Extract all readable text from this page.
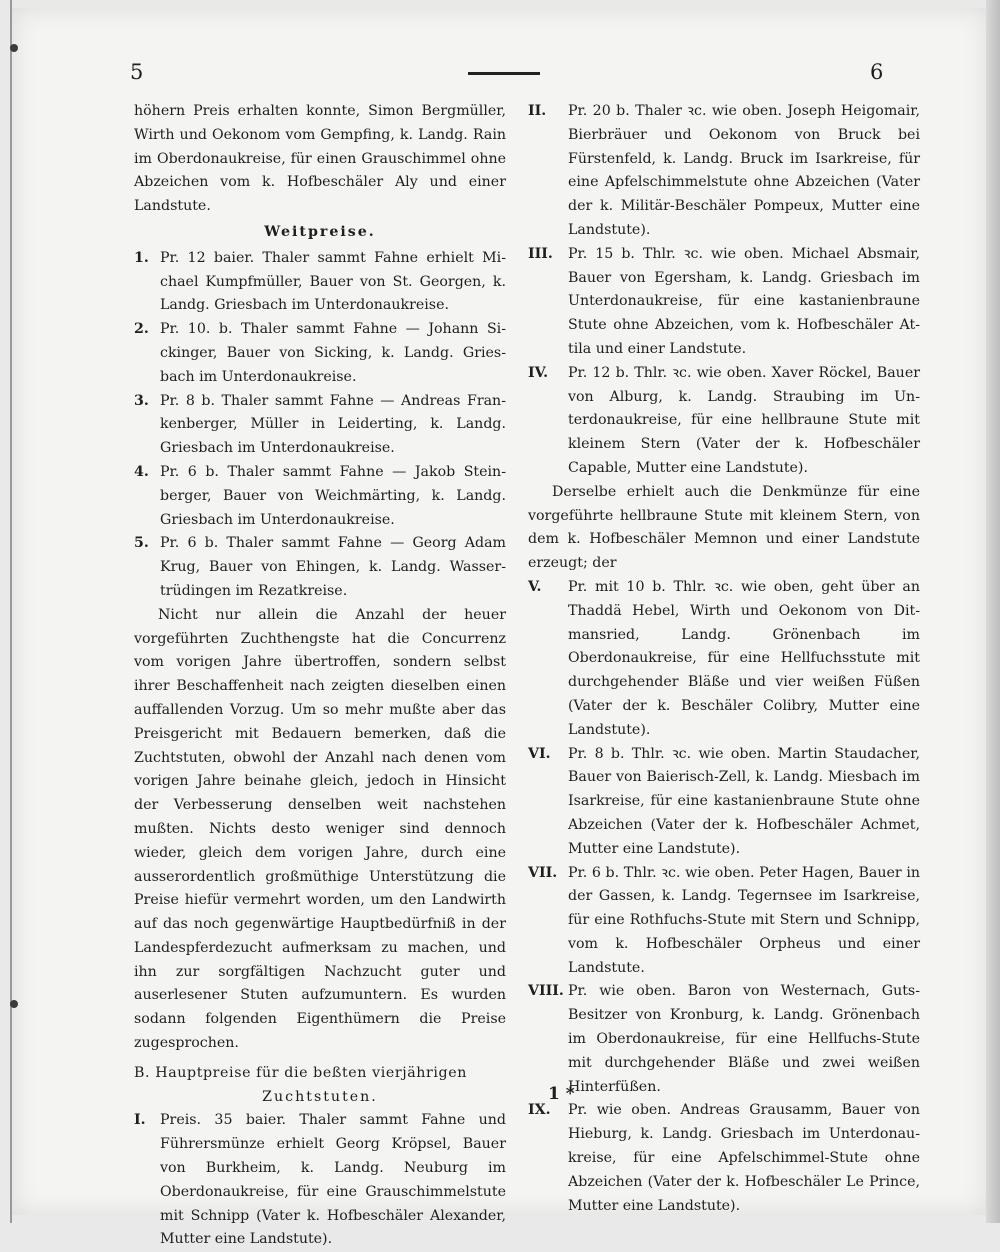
5	6

höhern Preis erhalten konnte, Simon Bergmüller, Wirth und Oekonom vom Gempfing, k. Landg. Rain im Oberdonaukreise, für einen Grauschimmel ohne Abzeichen vom k. Hofbeschäler Aly und einer Landstute.

Weitpreise.
1. Pr. 12 baier. Thaler sammt Fahne erhielt Michael Kumpfmüller, Bauer von St. Georgen, k. Landg. Griesbach im Unterdonaukreise.
2. Pr. 10. b. Thaler sammt Fahne — Johann Sickinger, Bauer von Sicking, k. Landg. Griesbach im Unterdonaukreise.
3. Pr. 8 b. Thaler sammt Fahne — Andreas Frankenberger, Müller in Leiderting, k. Landg. Griesbach im Unterdonaukreise.
4. Pr. 6 b. Thaler sammt Fahne — Jakob Steinberger, Bauer von Weichmärting, k. Landg. Griesbach im Unterdonaukreise.
5. Pr. 6 b. Thaler sammt Fahne — Georg Adam Krug, Bauer von Ehingen, k. Landg. Wassertrüdingen im Rezatkreise.

Nicht nur allein die Anzahl der heuer vorgeführten Zuchthengste hat die Concurrenz vom vorigen Jahre übertroffen, sondern selbst ihrer Beschaffenheit nach zeigten dieselben einen auffallenden Vorzug. Um so mehr mußte aber das Preisgericht mit Bedauern bemerken, daß die Zuchtstuten, obwohl der Anzahl nach denen vom vorigen Jahre beinahe gleich, jedoch in Hinsicht der Verbesserung denselben weit nachstehen mußten. Nichts desto weniger sind dennoch wieder, gleich dem vorigen Jahre, durch eine ausserordentlich großmüthige Unterstützung die Preise hiefür vermehrt worden, um den Landwirth auf das noch gegenwärtige Hauptbedürfniß in der Landespferdezucht aufmerksam zu machen, und ihn zur sorgfältigen Nachzucht guter und auserlesener Stuten aufzumuntern. Es wurden sodann folgenden Eigenthümern die Preise zugesprochen.

B. Hauptpreise für die beßten vierjährigen

Zuchtstuten.

I.	Preis. 35 baier. Thaler sammt Fahne und Führersmünze erhielt Georg Kröpsel, Bauer von Burkheim, k. Landg. Neuburg im Oberdonaukreise, für eine Grauschimmelstute mit Schnipp (Vater k. Hofbeschäler Alexander, Mutter eine Landstute).
II.	Pr. 20 b. Thaler ꝛc. wie oben. Joseph Heigomair, Bierbräuer und Oekonom von Bruck bei Fürstenfeld, k. Landg. Bruck im Isarkreise, für eine Apfelschimmelstute ohne Abzeichen (Vater der k. Militär-Beschäler Pompeux, Mutter eine Landstute).
III.	Pr. 15 b. Thlr. ꝛc. wie oben. Michael Absmair, Bauer von Egersham, k. Landg. Griesbach im Unterdonaukreise, für eine kastanienbraune Stute ohne Abzeichen, vom k. Hofbeschäler Attila und einer Landstute.
IV.	Pr. 12 b. Thlr. ꝛc. wie oben. Xaver Röckel, Bauer von Alburg, k. Landg. Straubing im Unterdonaukreise, für eine hellbraune Stute mit kleinem Stern (Vater der k. Hofbeschäler Capable, Mutter eine Landstute).

Derselbe erhielt auch die Denkmünze für eine vorgeführte hellbraune Stute mit kleinem Stern, von dem k. Hofbeschäler Memnon und einer Landstute erzeugt; der

V.	Pr. mit 10 b. Thlr. ꝛc. wie oben, geht über an Thaddä Hebel, Wirth und Oekonom von Ditmansried, Landg. Grönenbach im Oberdonaukreise, für eine Hellfuchsstute mit durchgehender Bläße und vier weißen Füßen (Vater der k. Beschäler Colibry, Mutter eine Landstute).
VI.	Pr. 8 b. Thlr. ꝛc. wie oben. Martin Staudacher, Bauer von Baierisch-Zell, k. Landg. Miesbach im Isarkreise, für eine kastanienbraune Stute ohne Abzeichen (Vater der k. Hofbeschäler Achmet, Mutter eine Landstute).
VII. Pr. 6 b. Thlr. ꝛc. wie oben. Peter Hagen, Bauer in der Gassen, k. Landg. Tegernsee im Isarkreise, für eine Rothfuchs-Stute mit Stern und Schnipp, vom k. Hofbeschäler Orpheus und einer Landstute.
VIII. Pr. wie oben. Baron von Westernach, GutsBesitzer von Kronburg, k. Landg. Grönenbach im Oberdonaukreise, für eine Hellfuchs-Stute mit durchgehender Bläße und zwei weißen Hinterfüßen.
IX.	Pr. wie oben. Andreas Grausamm, Bauer von Hieburg, k. Landg. Griesbach im Unterdonaukreise, für eine Apfelschimmel-Stute ohne Abzeichen (Vater der k. Hofbeschäler Le Prince, Mutter eine Landstute).
1 *
